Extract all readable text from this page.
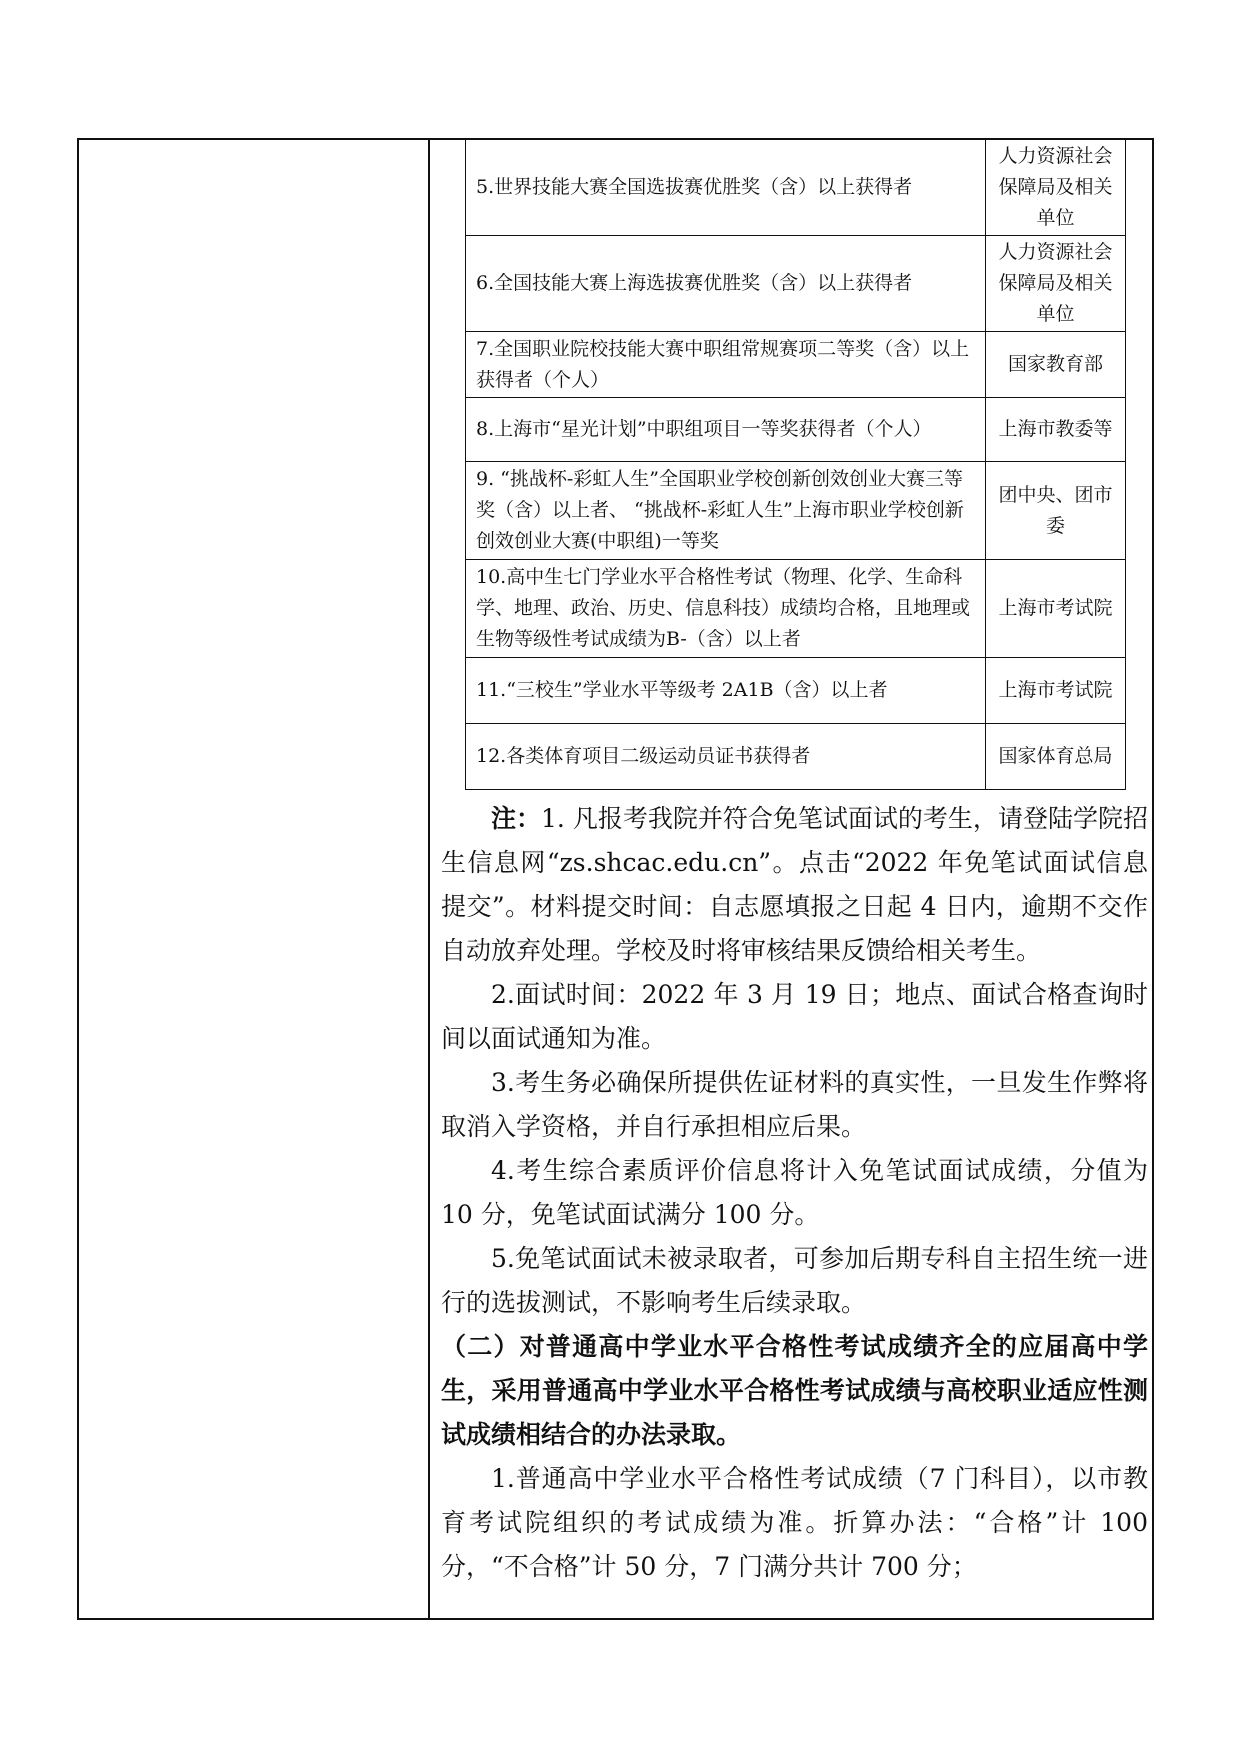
5.世界技能大赛全国选拔赛优胜奖（含）以上获得者	人力资源社会保障局及相关单位
6.全国技能大赛上海选拔赛优胜奖（含）以上获得者	人力资源社会保障局及相关单位
7.全国职业院校技能大赛中职组常规赛项二等奖（含）以上获得者（个人）	国家教育部
8.上海市“星光计划”中职组项目一等奖获得者（个人）	上海市教委等
9. “挑战杯-彩虹人生”全国职业学校创新创效创业大赛三等奖（含）以上者、 “挑战杯-彩虹人生”上海市职业学校创新创效创业大赛(中职组)一等奖	团中央、团市委
10.高中生七门学业水平合格性考试（物理、化学、生命科学、地理、政治、历史、信息科技）成绩均合格，且地理或生物等级性考试成绩为B-（含）以上者	上海市考试院
11.“三校生”学业水平等级考 2A1B（含）以上者	上海市考试院
12.各类体育项目二级运动员证书获得者	国家体育总局

注：1. 凡报考我院并符合免笔试面试的考生，请登陆学院招生信息网“zs.shcac.edu.cn”。点击“2022 年免笔试面试信息提交”。材料提交时间：自志愿填报之日起 4 日内，逾期不交作自动放弃处理。学校及时将审核结果反馈给相关考生。

2.面试时间：2022 年 3 月 19 日；地点、面试合格查询时间以面试通知为准。

3.考生务必确保所提供佐证材料的真实性，一旦发生作弊将取消入学资格，并自行承担相应后果。

4.考生综合素质评价信息将计入免笔试面试成绩，分值为 10 分，免笔试面试满分 100 分。

5.免笔试面试未被录取者，可参加后期专科自主招生统一进行的选拔测试，不影响考生后续录取。

（二）对普通高中学业水平合格性考试成绩齐全的应届高中学生，采用普通高中学业水平合格性考试成绩与高校职业适应性测试成绩相结合的办法录取。

1.普通高中学业水平合格性考试成绩（7 门科目），以市教育考试院组织的考试成绩为准。折算办法：“合格”计 100 分，“不合格”计 50 分，7 门满分共计 700 分；
